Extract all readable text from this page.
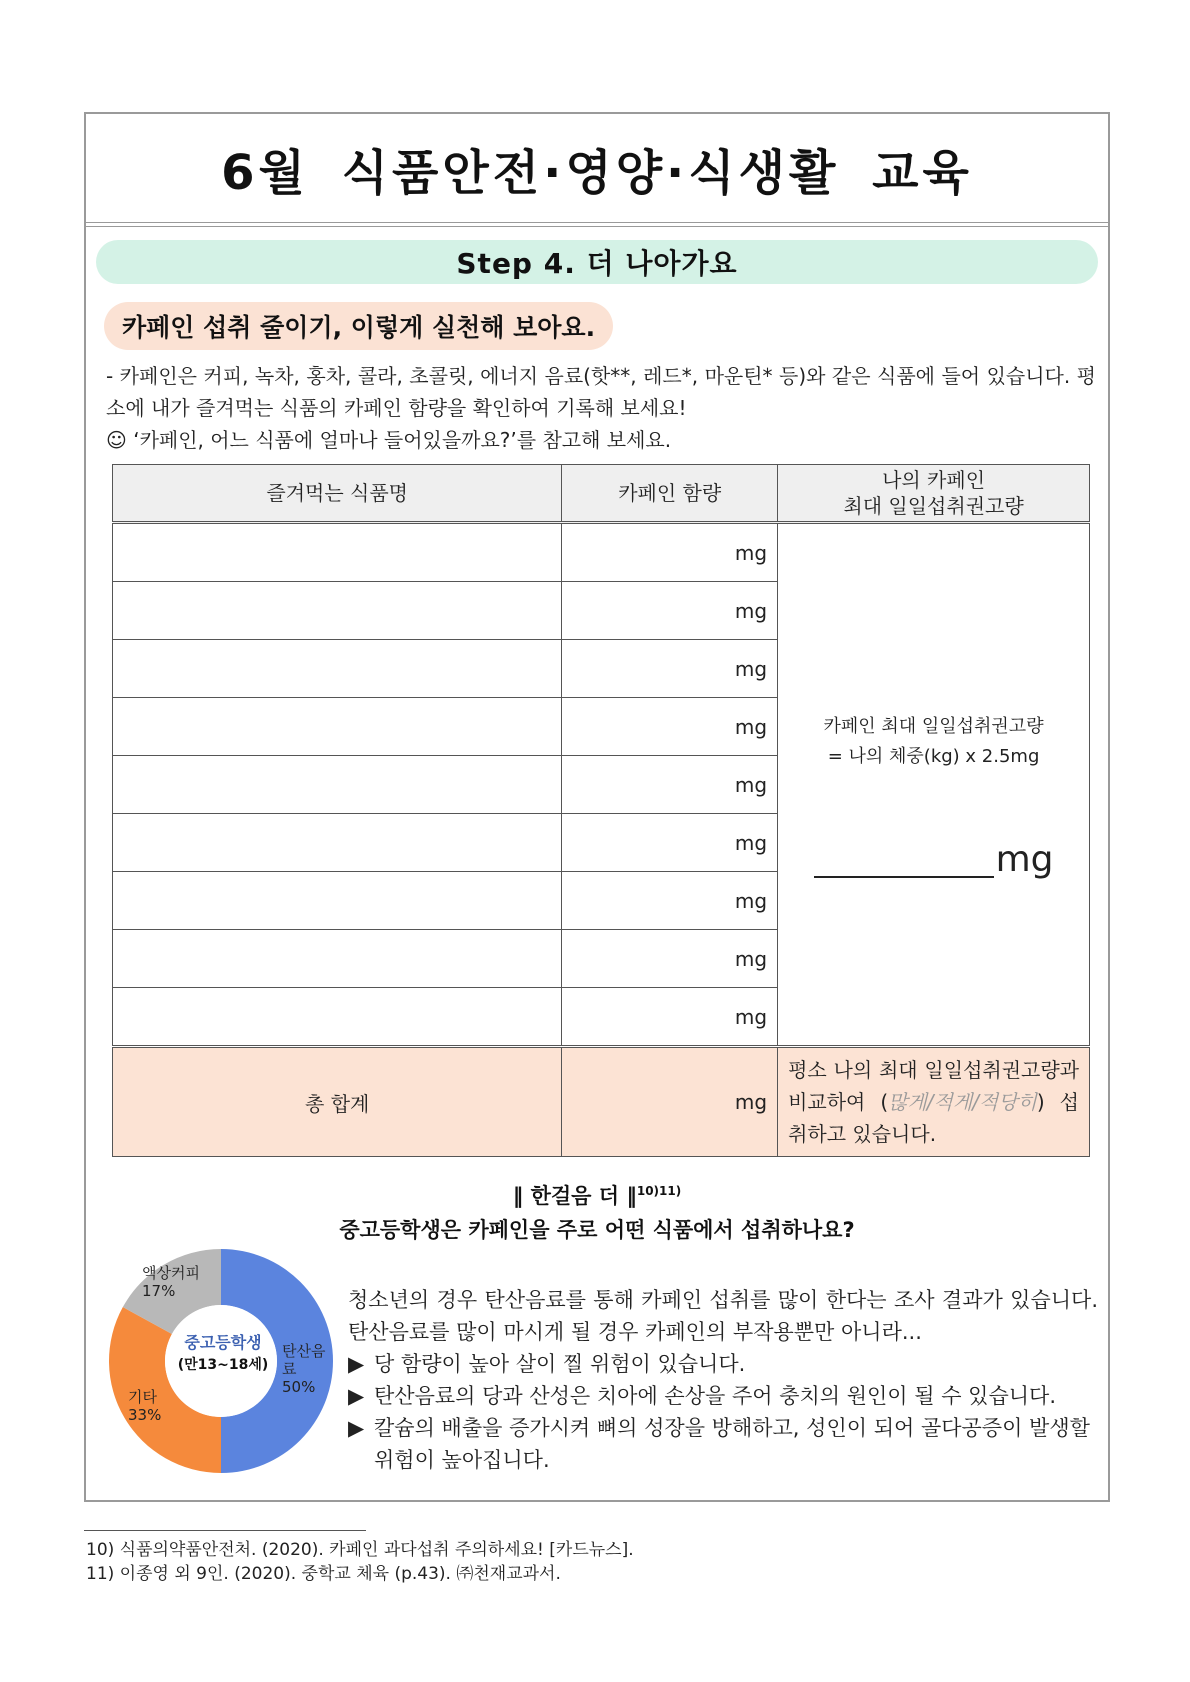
6월 식품안전·영양·식생활 교육
Step 4. 더 나아가요
카페인 섭취 줄이기, 이렇게 실천해 보아요.
- 카페인은 커피, 녹차, 홍차, 콜라, 초콜릿, 에너지 음료(핫**, 레드*, 마운틴* 등)와 같은 식품에 들어 있습니다. 평소에 내가 즐겨먹는 식품의 카페인 함량을 확인하여 기록해 보세요!
☺ ‘카페인, 어느 식품에 얼마나 들어있을까요?’를 참고해 보세요.
즐겨먹는 식품명	카페인 함량	나의 카페인
최대 일일섭취권고량

	mg	카페인 최대 일일섭취권고량
= 나의 체중(kg) x 2.5mg
mg

	mg	
	mg	
	mg	
	mg	
	mg	
	mg	
	mg	
	mg	
총 합계	mg	평소 나의 최대 일일섭취권고량과 비교하여 (많게/적게/적당히) 섭취하고 있습니다.
‖ 한걸음 더 ‖$^{10)11)}$
중고등학생은 카페인을 주로 어떤 식품에서 섭취하나요?
중고등학생
(만13~18세)
액상커피
17%
탄산음료
50%
기타
33%

청소년의 경우 탄산음료를 통해 카페인 섭취를 많이 한다는 조사 결과가 있습니다. 탄산음료를 많이 마시게 될 경우 카페인의 부작용뿐만 아니라...

▶ 당 함량이 높아 살이 찔 위험이 있습니다.
▶ 탄산음료의 당과 산성은 치아에 손상을 주어 충치의 원인이 될 수 있습니다.
▶ 칼슘의 배출을 증가시켜 뼈의 성장을 방해하고, 성인이 되어 골다공증이 발생할 위험이 높아집니다.
10) 식품의약품안전처. (2020). 카페인 과다섭취 주의하세요! [카드뉴스].
11) 이종영 외 9인. (2020). 중학교 체육 (p.43). ㈜천재교과서.
